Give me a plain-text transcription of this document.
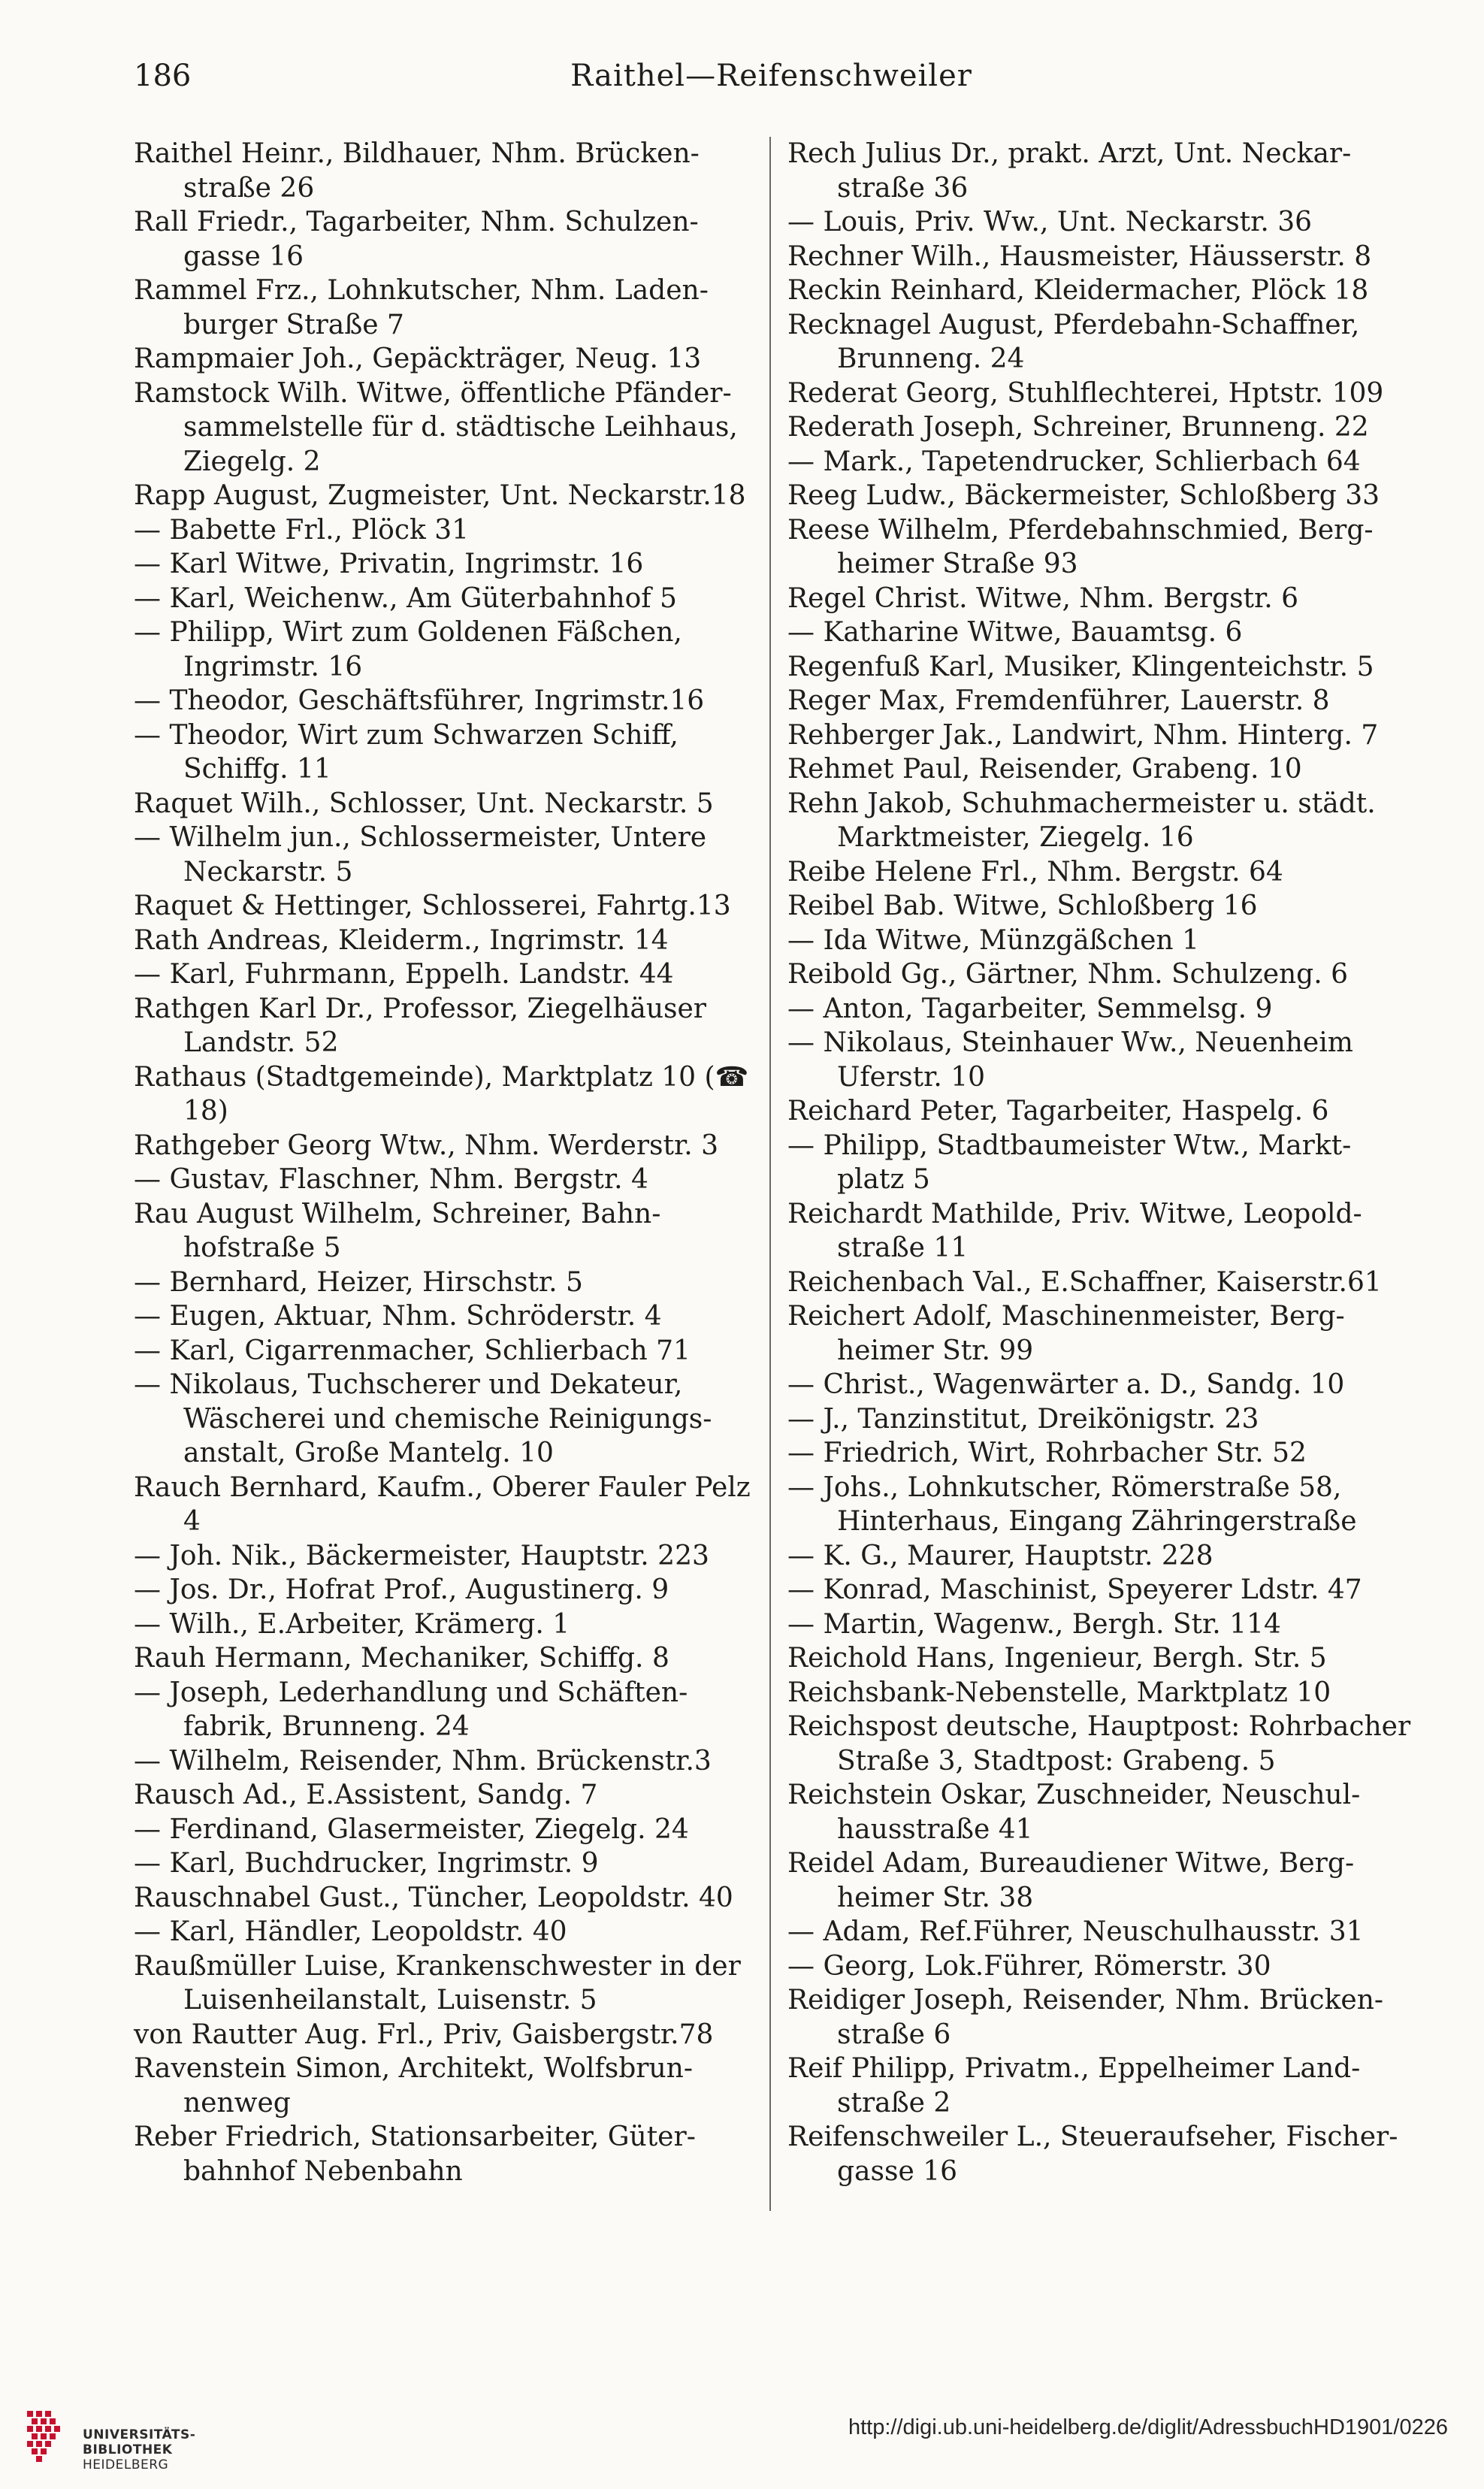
186	Raithel—Reifenschweiler

Raithel Heinr., Bildhauer, Nhm. Brücken-straße 26

Rall Friedr., Tagarbeiter, Nhm. Schulzen-gasse 16

Rammel Frz., Lohnkutscher, Nhm. Laden-burger Straße 7

Rampmaier Joh., Gepäckträger, Neug. 13

Ramstock Wilh. Witwe, öffentliche Pfänder-sammelstelle für d. städtische Leihhaus, Ziegelg. 2

Rapp August, Zugmeister, Unt. Neckarstr.18

— Babette Frl., Plöck 31

— Karl Witwe, Privatin, Ingrimstr. 16

— Karl, Weichenw., Am Güterbahnhof 5

— Philipp, Wirt zum Goldenen Fäßchen, Ingrimstr. 16

— Theodor, Geschäftsführer, Ingrimstr.16

— Theodor, Wirt zum Schwarzen Schiff, Schiffg. 11

Raquet Wilh., Schlosser, Unt. Neckarstr. 5

— Wilhelm jun., Schlossermeister, Untere Neckarstr. 5

Raquet & Hettinger, Schlosserei, Fahrtg.13

Rath Andreas, Kleiderm., Ingrimstr. 14

— Karl, Fuhrmann, Eppelh. Landstr. 44

Rathgen Karl Dr., Professor, Ziegelhäuser Landstr. 52

Rathaus (Stadtgemeinde), Marktplatz 10 (☎ 18)

Rathgeber Georg Wtw., Nhm. Werderstr. 3

— Gustav, Flaschner, Nhm. Bergstr. 4

Rau August Wilhelm, Schreiner, Bahn-hofstraße 5

— Bernhard, Heizer, Hirschstr. 5

— Eugen, Aktuar, Nhm. Schröderstr. 4

— Karl, Cigarrenmacher, Schlierbach 71

— Nikolaus, Tuchscherer und Dekateur, Wäscherei und chemische Reinigungs-anstalt, Große Mantelg. 10

Rauch Bernhard, Kaufm., Oberer Fauler Pelz 4

— Joh. Nik., Bäckermeister, Hauptstr. 223

— Jos. Dr., Hofrat Prof., Augustinerg. 9

— Wilh., E.Arbeiter, Krämerg. 1

Rauh Hermann, Mechaniker, Schiffg. 8

— Joseph, Lederhandlung und Schäften-fabrik, Brunneng. 24

— Wilhelm, Reisender, Nhm. Brückenstr.3

Rausch Ad., E.Assistent, Sandg. 7

— Ferdinand, Glasermeister, Ziegelg. 24

— Karl, Buchdrucker, Ingrimstr. 9

Rauschnabel Gust., Tüncher, Leopoldstr. 40

— Karl, Händler, Leopoldstr. 40

Raußmüller Luise, Krankenschwester in der Luisenheilanstalt, Luisenstr. 5

von Rautter Aug. Frl., Priv, Gaisbergstr.78

Ravenstein Simon, Architekt, Wolfsbrun-nenweg

Reber Friedrich, Stationsarbeiter, Güter-bahnhof Nebenbahn

Rech Julius Dr., prakt. Arzt, Unt. Neckar-straße 36

— Louis, Priv. Ww., Unt. Neckarstr. 36

Rechner Wilh., Hausmeister, Häusserstr. 8

Reckin Reinhard, Kleidermacher, Plöck 18

Recknagel August, Pferdebahn-Schaffner, Brunneng. 24

Rederat Georg, Stuhlflechterei, Hptstr. 109

Rederath Joseph, Schreiner, Brunneng. 22

— Mark., Tapetendrucker, Schlierbach 64

Reeg Ludw., Bäckermeister, Schloßberg 33

Reese Wilhelm, Pferdebahnschmied, Berg-heimer Straße 93

Regel Christ. Witwe, Nhm. Bergstr. 6

— Katharine Witwe, Bauamtsg. 6

Regenfuß Karl, Musiker, Klingenteichstr. 5

Reger Max, Fremdenführer, Lauerstr. 8

Rehberger Jak., Landwirt, Nhm. Hinterg. 7

Rehmet Paul, Reisender, Grabeng. 10

Rehn Jakob, Schuhmachermeister u. städt. Marktmeister, Ziegelg. 16

Reibe Helene Frl., Nhm. Bergstr. 64

Reibel Bab. Witwe, Schloßberg 16

— Ida Witwe, Münzgäßchen 1

Reibold Gg., Gärtner, Nhm. Schulzeng. 6

— Anton, Tagarbeiter, Semmelsg. 9

— Nikolaus, Steinhauer Ww., Neuenheim Uferstr. 10

Reichard Peter, Tagarbeiter, Haspelg. 6

— Philipp, Stadtbaumeister Wtw., Markt-platz 5

Reichardt Mathilde, Priv. Witwe, Leopold-straße 11

Reichenbach Val., E.Schaffner, Kaiserstr.61

Reichert Adolf, Maschinenmeister, Berg-heimer Str. 99

— Christ., Wagenwärter a. D., Sandg. 10

— J., Tanzinstitut, Dreikönigstr. 23

— Friedrich, Wirt, Rohrbacher Str. 52

— Johs., Lohnkutscher, Römerstraße 58, Hinterhaus, Eingang Zähringerstraße

— K. G., Maurer, Hauptstr. 228

— Konrad, Maschinist, Speyerer Ldstr. 47

— Martin, Wagenw., Bergh. Str. 114

Reichold Hans, Ingenieur, Bergh. Str. 5

Reichsbank-Nebenstelle, Marktplatz 10

Reichspost deutsche, Hauptpost: Rohrbacher Straße 3, Stadtpost: Grabeng. 5

Reichstein Oskar, Zuschneider, Neuschul-hausstraße 41

Reidel Adam, Bureaudiener Witwe, Berg-heimer Str. 38

— Adam, Ref.Führer, Neuschulhausstr. 31

— Georg, Lok.Führer, Römerstr. 30

Reidiger Joseph, Reisender, Nhm. Brücken-straße 6

Reif Philipp, Privatm., Eppelheimer Land-straße 2

Reifenschweiler L., Steueraufseher, Fischer-gasse 16

UNIVERSITÄTS-
BIBLIOTHEK
HEIDELBERG
http://digi.ub.uni-heidelberg.de/diglit/AdressbuchHD1901/0226
